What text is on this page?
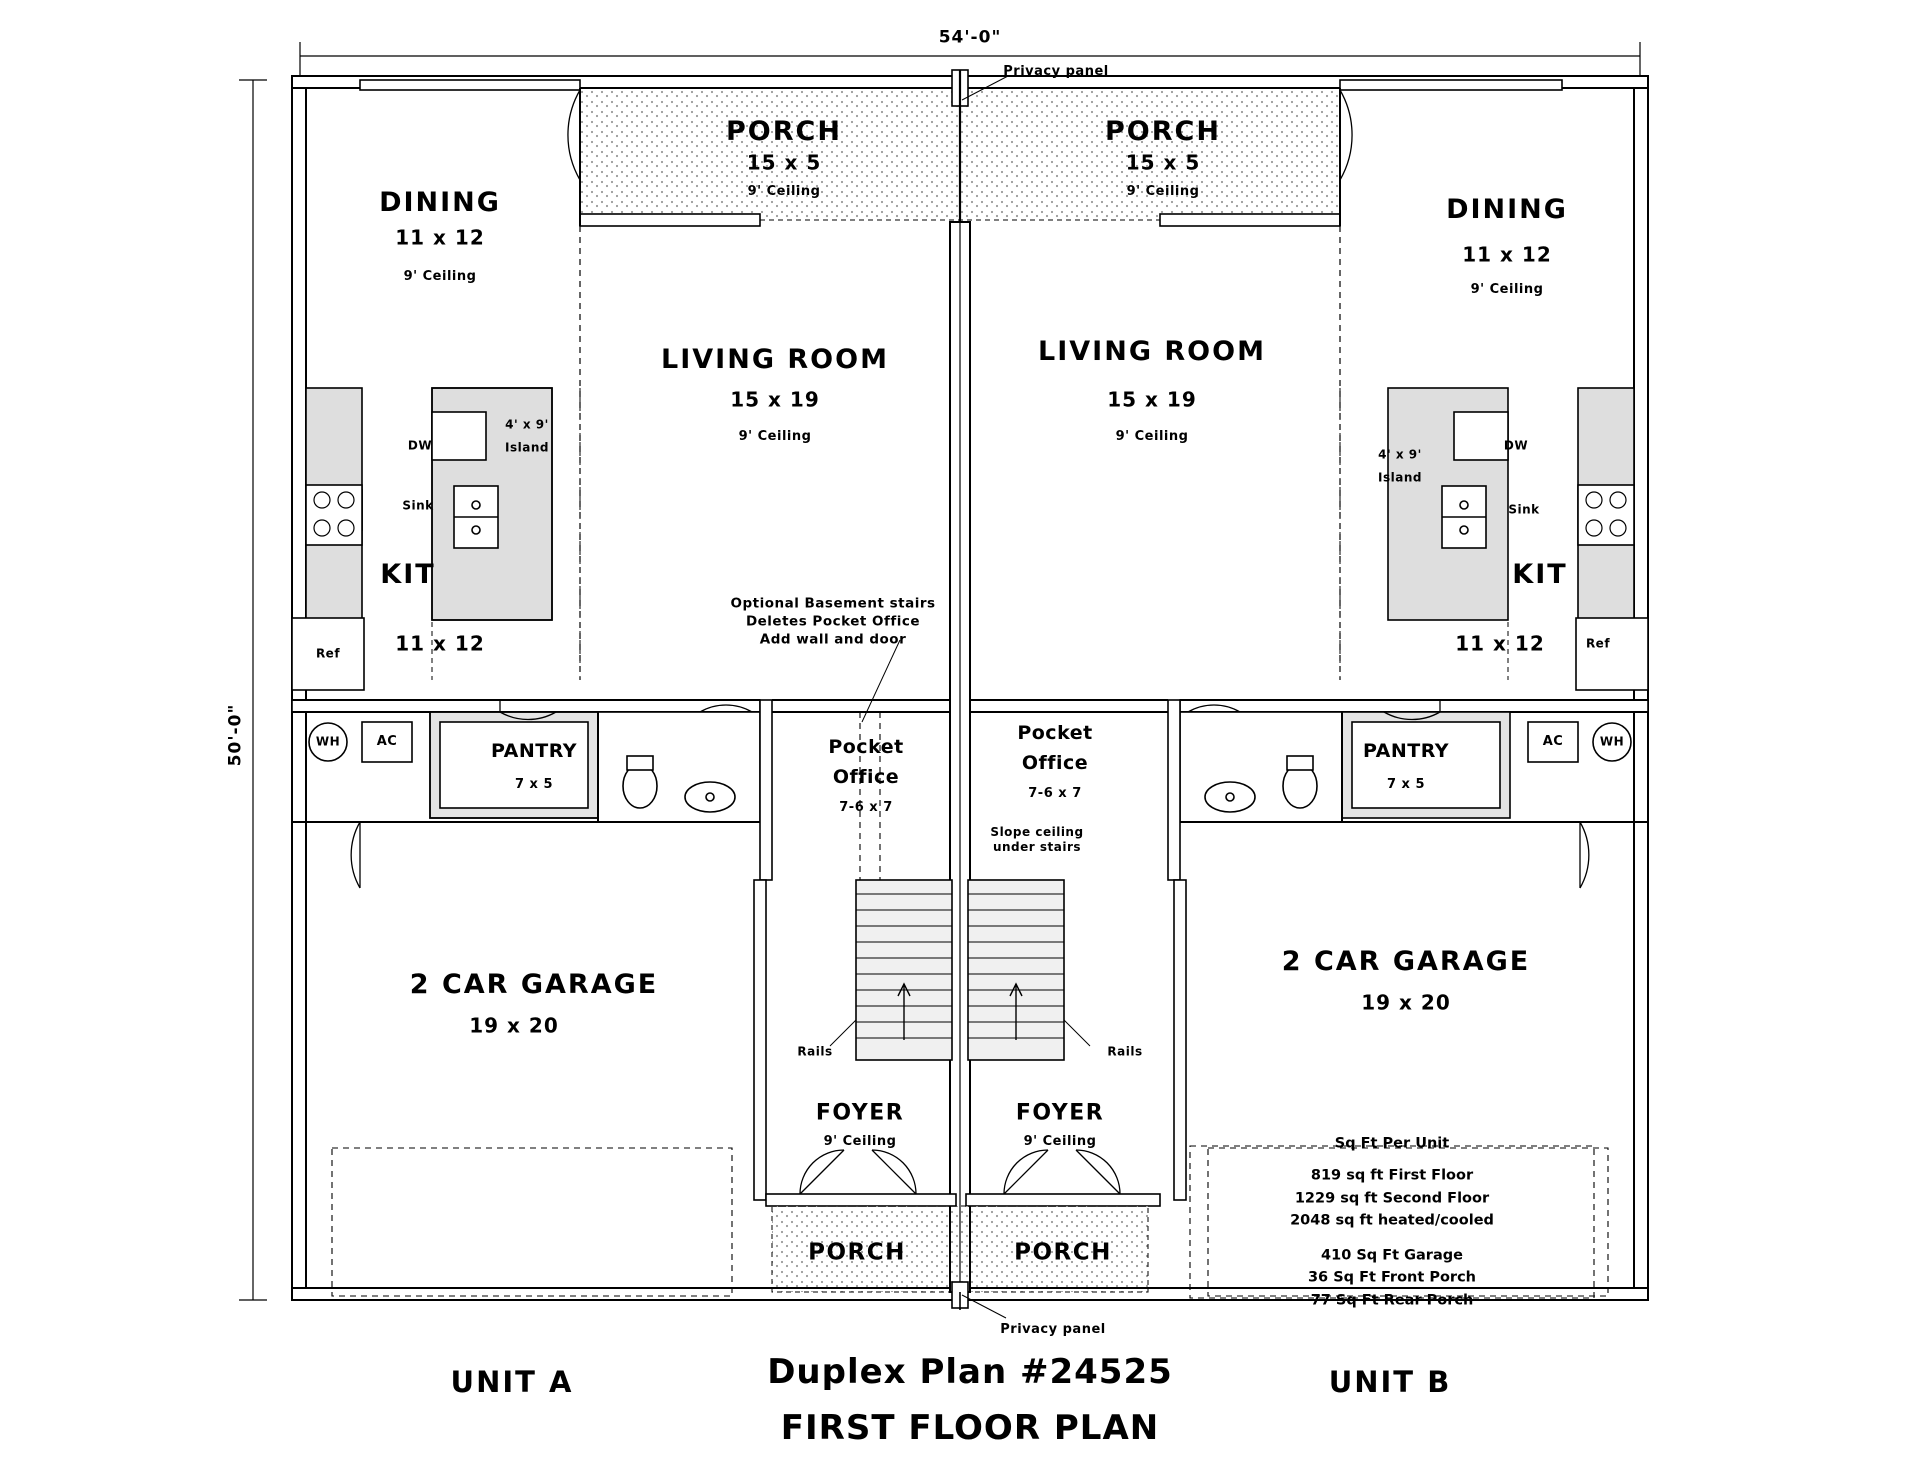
54'-0"
50'-0"
PORCH
15 x 5
9' Ceiling
PORCH
15 x 5
9' Ceiling
Privacy panel
DINING
11 x 12
9' Ceiling
DINING
11 x 12
9' Ceiling
LIVING ROOM
15 x 19
9' Ceiling
LIVING ROOM
15 x 19
9' Ceiling
KIT
11 x 12
DW
Sink
Ref
4' x 9'
Island
KIT
11 x 12
DW
Sink
Ref
4' x 9'
Island
WH	AC	WH
AC
PANTRY
7 x 5
PANTRY
7 x 5
Pocket
Office
7-6 x 7
Pocket
Office
7-6 x 7
Optional Basement stairs
Deletes Pocket Office
Add wall and door
Slope ceiling
under stairs
Rails	Rails
2 CAR GARAGE
19 x 20
2 CAR GARAGE
19 x 20
FOYER
9' Ceiling
FOYER
9' Ceiling
PORCH	PORCH
Privacy panel
Sq Ft Per Unit
819 sq ft First Floor
1229 sq ft Second Floor
2048 sq ft heated/cooled
410 Sq Ft Garage
36 Sq Ft Front Porch
77 Sq Ft Rear Porch
UNIT A	UNIT B
Duplex Plan #24525
FIRST FLOOR PLAN
